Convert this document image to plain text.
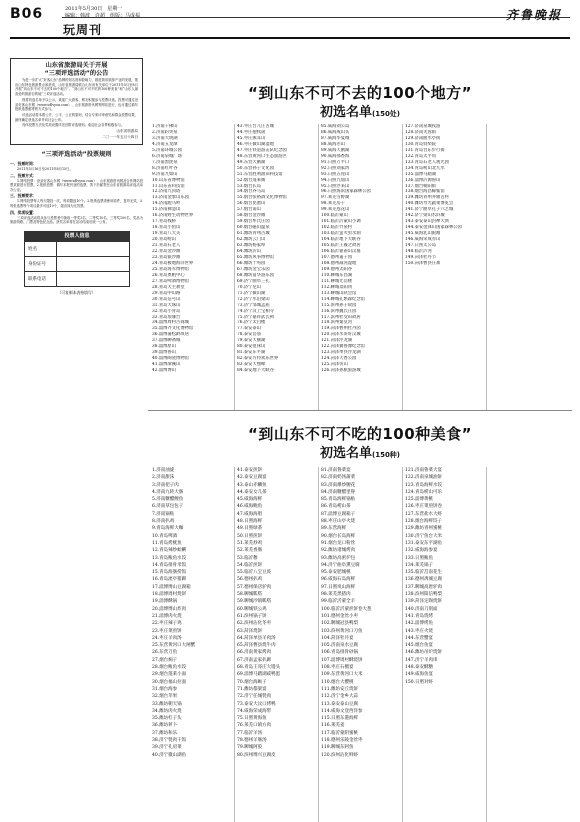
B06	2011年5月30日　星期一
编辑：韩波　许超　组版：马成福
玩周刊
齐鲁晚报
山东省旅游局关于开展
“三项评选活动”的公告

为进一步扩大“好客山东”品牌的知名度和影响力，推进我省旅游产业的发展，推出山东特色旅游景点和美食，山东省旅游局联合山东省有关单位于2011年5月至8月开展“到山东不可不去的100个地方”、“到山东不可不吃的100种美食”和“山东人最喜爱的旅游目的地”三项评选活动。

现将初选名单予以公示，欢迎广大游客、网友积极参与投票评选。投票可通过登录好客山东网（www.sdlvyou.com）、山东旅游资讯网等网站进行，也可通过填写报纸选票邮寄的方式参与。

评选活动将本着公开、公平、公正的原则，结合专家评审意见和群众投票结果，最终确定获选名单并向社会公布。

具体投票方法及奖项设置详见后附评选规则。欢迎社会各界积极参与。

山东省旅游局
二〇一一年五月十四日
“三项评选活动”投票规则
一、投票时间：

2011年5月16日至2011年8月15日。

二、投票方式：

1.网络投票：登录好客山东网（www.sdlvyou.com）、山东旅游资讯网及合作网站投票页面进行投票。2.报纸投票：填写本报刊登的选票，剪下后邮寄至山东省旅游局评选活动办公室。

三、投票要求：

1.网络投票每人每天限投一次，每项限选10个。2.报纸选票须使用原件，复印无效。3.每张选票每个项目最多可选10个，超出视为无效票。

四、奖项设置：

三项评选活动将从参与投票者中抽取一等奖3名、二等奖10名、三等奖100名，奖品为旅游线路、门票及特色纪念品。获奖名单将在活动结束后统一公布。

投票人信息
姓名
身份证号
联系电话
（可复制本表格填写）
“到山东不可不去的100个地方”
初选名单(150处)
1.济南千佛山
2.济南趵突泉
3.济南大明湖
4.济南五龙潭
5.济南环城公园
6.济南泉城广场
7.济南黑虎泉
8.济南红叶谷
9.济南九如山
10.山东省博物馆
11.山东省科技馆
12.济南九顶塔
13.济南金象山乐园
14.济南跑马岭
15.济南佛慧山
16.济南野生动物世界
17.青岛栈桥
18.青岛小鱼山
19.青岛八大关
20.青岛崂山
21.青岛石老人
22.青岛金沙滩
23.青岛银沙滩
24.青岛极地海洋世界
25.青岛海军博物馆
26.青岛奥帆中心
27.青岛啤酒博物馆
28.青岛天主教堂
29.青岛中山路
30.青岛信号山
31.青岛大珠山
32.青岛小青岛
33.青岛琅琊台
34.淄博周村古商城
35.淄博齐文化博物馆
36.淄博蒲松龄故居
37.淄博聊斋城
38.淄博原山
39.淄博鲁山
40.淄博陶瓷博物馆
41.淄博潭溪山
42.淄博博山
43.枣庄台儿庄古城
44.枣庄抱犊崮
45.枣庄熊耳山
46.枣庄微山湖湿地
47.枣庄铁道游击队纪念园
48.东营黄河口生态旅游区
49.东营天鹅湖
50.东营孙子文化园
51.东营胜利油田科技馆
52.烟台蓬莱阁
53.烟台长岛
54.烟台养马岛
55.烟台张裕酒文化博物馆
56.烟台昆嵛山
57.烟台南山
58.烟台金沙滩
59.烟台牟氏庄园
60.烟台磁山温泉
61.潍坊青州古城
62.潍坊云门山
63.潍坊杨家埠
64.潍坊沂山
65.潍坊风筝博物馆
66.潍坊十笏园
67.潍坊金宝乐园
68.潍坊富华游乐园
69.济宁曲阜三孔
70.济宁尼山
71.济宁微山湖
72.济宁水泊梁山
73.济宁邹城孟庙
74.济宁汶上宝相寺
75.济宁嘉祥武氏祠
76.济宁太白楼
77.泰安泰山
78.泰安岱庙
79.泰安天颐湖
80.泰安徂徕山
81.泰安东平湖
82.泰安方特欢乐世界
83.泰安天烛峰
84.泰安地下大峡谷
85.威海刘公岛
86.威海成山头
87.威海华夏城
88.威海赤山
89.威海天鹅湖
90.威海那香海
91.日照万平口
92.日照刘家湾
93.日照五莲山
94.日照九仙山
95.日照浮来山
96.日照海滨国家森林公园
97.莱芜雪野湖
98.莱芜房干
99.莱芜莲花山
100.临沂蒙山
101.临沂沂蒙山小调
102.临沂竹泉村
103.临沂萤火虫水洞
104.临沂地下大峡谷
105.临沂王羲之故居
106.临沂银雀山汉墓
107.德州董子园
108.德州减河湿地
109.德州太阳谷
110.聊城东昌湖
111.聊城光岳楼
112.聊城景阳冈
113.聊城山陕会馆
114.聊城孔繁森纪念馆
115.滨州孙子故园
116.滨州魏氏庄园
117.滨州杜受田故居
118.滨州秦皇河
119.菏泽曹州牡丹园
120.菏泽水浒好汉城
121.菏泽浮龙湖
122.菏泽冀鲁豫纪念馆
123.菏泽单县浮龙湖
124.菏泽天香公园
125.菏泽仿山
126.菏泽孙膑旅游城
127.济南泉城夜游
128.济南芙蓉街
129.济南曲水亭街
130.青岛劈柴院
131.青岛台东步行街
132.青岛太平角
133.青岛石老人观光园
134.青岛崂山北九水
135.淄博马踏湖
136.淄博沂源鲁山
137.烟台朝阳街
138.烟台海昌鲸鲨馆
139.潍坊青州井塘古村
140.潍坊寿光蔬菜博览会
141.济宁曲阜孔子六艺城
142.济宁梁山水浒城
143.泰安泰山封禅大典
144.泰安徂徕山国家森林公园
145.威海乳山银滩
146.威海荣成赤山
147.日照太公岛
148.临沂沂河
149.菏泽牡丹节
150.菏泽曹县庄寨
“到山东不可不吃的100种美食”
初选名单(150种)
1.济南油旋
2.济南甜沫
3.济南把子肉
4.济南九转大肠
5.济南糖醋鲤鱼
6.济南草包包子
7.济南锅贴
8.济南扒鸡
9.青岛海鲜大咖
10.青岛啤酒
11.青岛烤鱿鱼
12.青岛辣炒蛤蜊
13.青岛鲅鱼水饺
14.青岛排骨米饭
15.青岛海肠捞饭
16.青岛流亭猪蹄
17.淄博博山豆腐箱
18.淄博周村烧饼
19.淄博酥锅
20.淄博博山炸肉
21.淄博肉火烧
22.枣庄辣子鸡
23.枣庄菜煎饼
24.枣庄羊肉汤
25.东营黄河口大闸蟹
26.东营刀鱼
27.烟台焖子
28.烟台鲅鱼水饺
29.烟台蓬莱小面
30.烟台福山拉面
31.烟台海参
32.烟台苹果
33.潍坊朝天锅
34.潍坊肉火烧
35.潍坊杠子头
36.潍坊萝卜
37.潍坊和乐
38.济宁甏肉干饭
39.济宁孔府菜
40.济宁微山湖鱼
41.泰安煎饼
42.泰安豆腐宴
43.泰山赤鳞鱼
44.泰安女儿茶
45.威海海鲜
46.威海鲍鱼
47.威海海胆
48.日照海鲜
49.日照绿茶
50.日照煎饼
51.莱芜炒鸡
52.莱芜香肠
53.临沂糁
54.临沂煎饼
55.临沂八宝豆豉
56.德州扒鸡
57.德州保店驴肉
58.聊城呱嗒
59.聊城沙镇呱嗒
60.聊城铁公鸡
61.滨州锅子饼
62.滨州沾化冬枣
63.菏泽烧饼
64.菏泽单县羊肉汤
65.菏泽曹县烧牛肉
66.济南黄家烤肉
67.济南孟家扒蹄
68.青岛王哥庄大馒头
69.淄博马踏湖咸鸭蛋
70.烟台海蛎子
71.潍坊都梁宴
72.济宁任城甏肉
73.泰安大汶口烤鸭
74.威海荣成海带
75.日照黄海鱼
76.莱芜口镇方肉
77.临沂羊汤
78.德州羊肠汤
79.聊城阿胶
80.滨州博兴豆腐皮
81.济南鲁菜宴
82.济南奶汤蒲菜
83.济南爆炒腰花
84.济南糖醋里脊
85.青岛海鲜锅贴
86.青岛崂山茶
87.淄博豆腐箱子
88.枣庄山亭火烧
89.东营海鲜
90.烟台长岛海鲜
91.烟台龙口粉丝
92.潍坊诸城烤肉
93.潍坊高密炉包
94.济宁曲阜熏豆腐
95.泰安肥城桃
96.威海石岛海鲜
97.日照岚山海鲜
98.莱芜黑猪肉
99.临沂沂蒙全羊
100.临沂沂蒙煎饼卷大葱
101.德州金丝小枣
102.聊城冠县鸭梨
103.滨州黄河口刀鱼
104.菏泽牡丹宴
105.济南泉水豆腐
106.青岛排骨砂锅
107.淄博周村酥烧饼
108.枣庄石榴宴
109.东营黄河口大米
110.烟台大樱桃
111.潍坊安丘烧饼
112.济宁金乡大蒜
113.泰安泰山豆腐
114.威海文登西洋参
115.日照东港海鲜
116.莱芜姜
117.临沂蒙阴蜜桃
118.德州乐陵金丝枣
119.聊城东阿鱼
120.滨州沾化鲜虾
121.济南鲁菜大宴
122.济南泉城油饼
123.青岛海鲜水饺
124.青岛崂山可乐
125.淄博黄桃
126.枣庄菜煎饼卷
127.东营盐水大虾
128.烟台海鲜饺子
129.潍坊青州蜜桃
130.济宁鱼台大米
131.泰安东平湖鱼
132.威海海参宴
133.日照鲅鱼
134.莱芜锅子
135.临沂莒南花生
136.德州禹城豆腐
137.聊城高唐驴肉
138.滨州阳信鸭梨
139.菏泽定陶烧饼
140.济南刀削面
141.青岛烧烤
142.淄博烤鱼
143.枣庄火烧
144.东营蟹宴
145.烟台鱼宴
146.潍坊吊炉烧饼
147.济宁羊肉串
148.泰安酥糖
149.威海鱼宴
150.日照对虾
